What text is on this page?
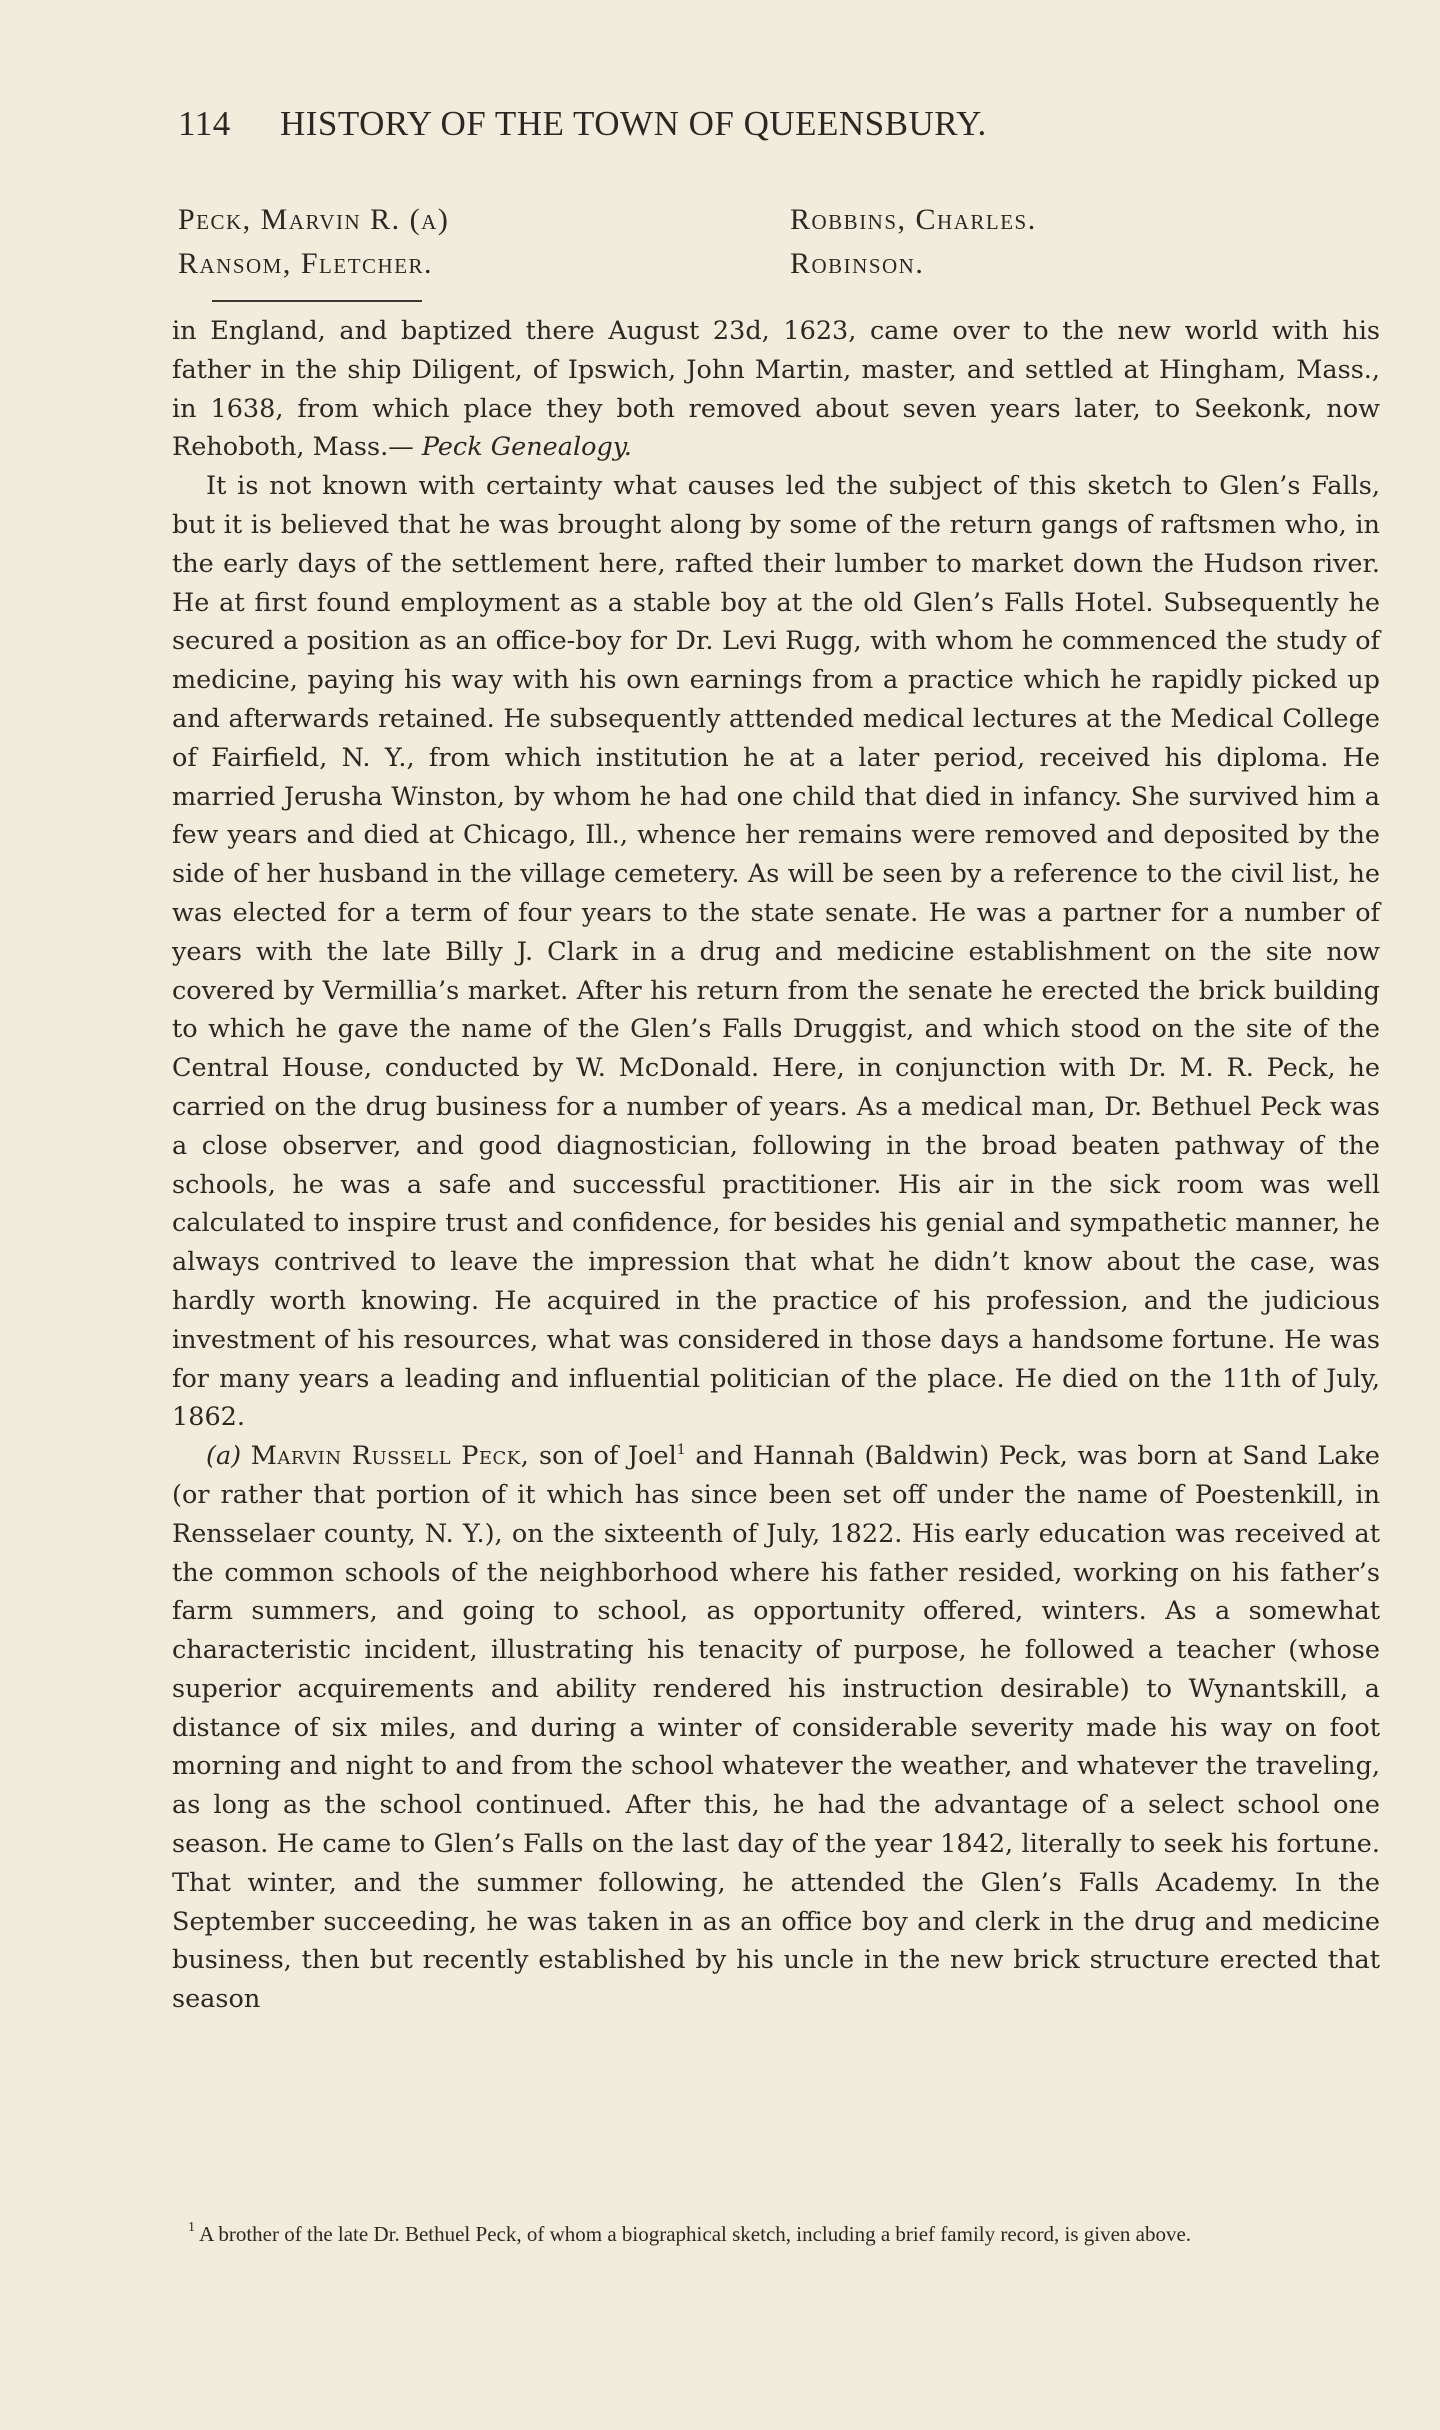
114 HISTORY OF THE TOWN OF QUEENSBURY.
Peck, Marvin R. (a)
Ransom, Fletcher.
Robbins, Charles.
Robinson.

in England, and baptized there August 23d, 1623, came over to the new world with his father in the ship Diligent, of Ipswich, John Martin, master, and settled at Hingham, Mass., in 1638, from which place they both removed about seven years later, to Seekonk, now Rehoboth, Mass.— Peck Genealogy.

It is not known with certainty what causes led the subject of this sketch to Glen’s Falls, but it is believed that he was brought along by some of the return gangs of raftsmen who, in the early days of the settlement here, rafted their lumber to market down the Hudson river. He at first found employment as a stable boy at the old Glen’s Falls Hotel. Subsequently he secured a position as an office-boy for Dr. Levi Rugg, with whom he commenced the study of medicine, paying his way with his own earnings from a practice which he rapidly picked up and afterwards retained. He subsequently atttended medical lectures at the Medical College of Fairfield, N. Y., from which institution he at a later period, received his diploma. He married Jerusha Winston, by whom he had one child that died in infancy. She survived him a few years and died at Chicago, Ill., whence her remains were removed and deposited by the side of her husband in the village cemetery. As will be seen by a reference to the civil list, he was elected for a term of four years to the state senate. He was a partner for a number of years with the late Billy J. Clark in a drug and medicine establishment on the site now covered by Vermillia’s market. After his return from the senate he erected the brick building to which he gave the name of the Glen’s Falls Druggist, and which stood on the site of the Central House, conducted by W. McDonald. Here, in conjunction with Dr. M. R. Peck, he carried on the drug business for a number of years. As a medical man, Dr. Bethuel Peck was a close observer, and good diagnostician, following in the broad beaten pathway of the schools, he was a safe and successful practitioner. His air in the sick room was well calculated to inspire trust and confidence, for besides his genial and sympathetic manner, he always contrived to leave the impression that what he didn’t know about the case, was hardly worth knowing. He acquired in the practice of his profession, and the judicious investment of his resources, what was considered in those days a handsome fortune. He was for many years a leading and influential politician of the place. He died on the 11th of July, 1862.

(a) Marvin Russell Peck, son of Joel$^1$ and Hannah (Baldwin) Peck, was born at Sand Lake (or rather that portion of it which has since been set off under the name of Poestenkill, in Rensselaer county, N. Y.), on the sixteenth of July, 1822. His early education was received at the common schools of the neighborhood where his father resided, working on his father’s farm summers, and going to school, as opportunity offered, winters. As a somewhat characteristic incident, illustrating his tenacity of purpose, he followed a teacher (whose superior acquirements and ability rendered his instruction desirable) to Wynantskill, a distance of six miles, and during a winter of considerable severity made his way on foot morning and night to and from the school whatever the weather, and whatever the traveling, as long as the school continued. After this, he had the advantage of a select school one season. He came to Glen’s Falls on the last day of the year 1842, literally to seek his fortune. That winter, and the summer following, he attended the Glen’s Falls Academy. In the September succeeding, he was taken in as an office boy and clerk in the drug and medicine business, then but recently established by his uncle in the new brick structure erected that season

$^1$ A brother of the late Dr. Bethuel Peck, of whom a biographical sketch, including a brief family record, is given above.
